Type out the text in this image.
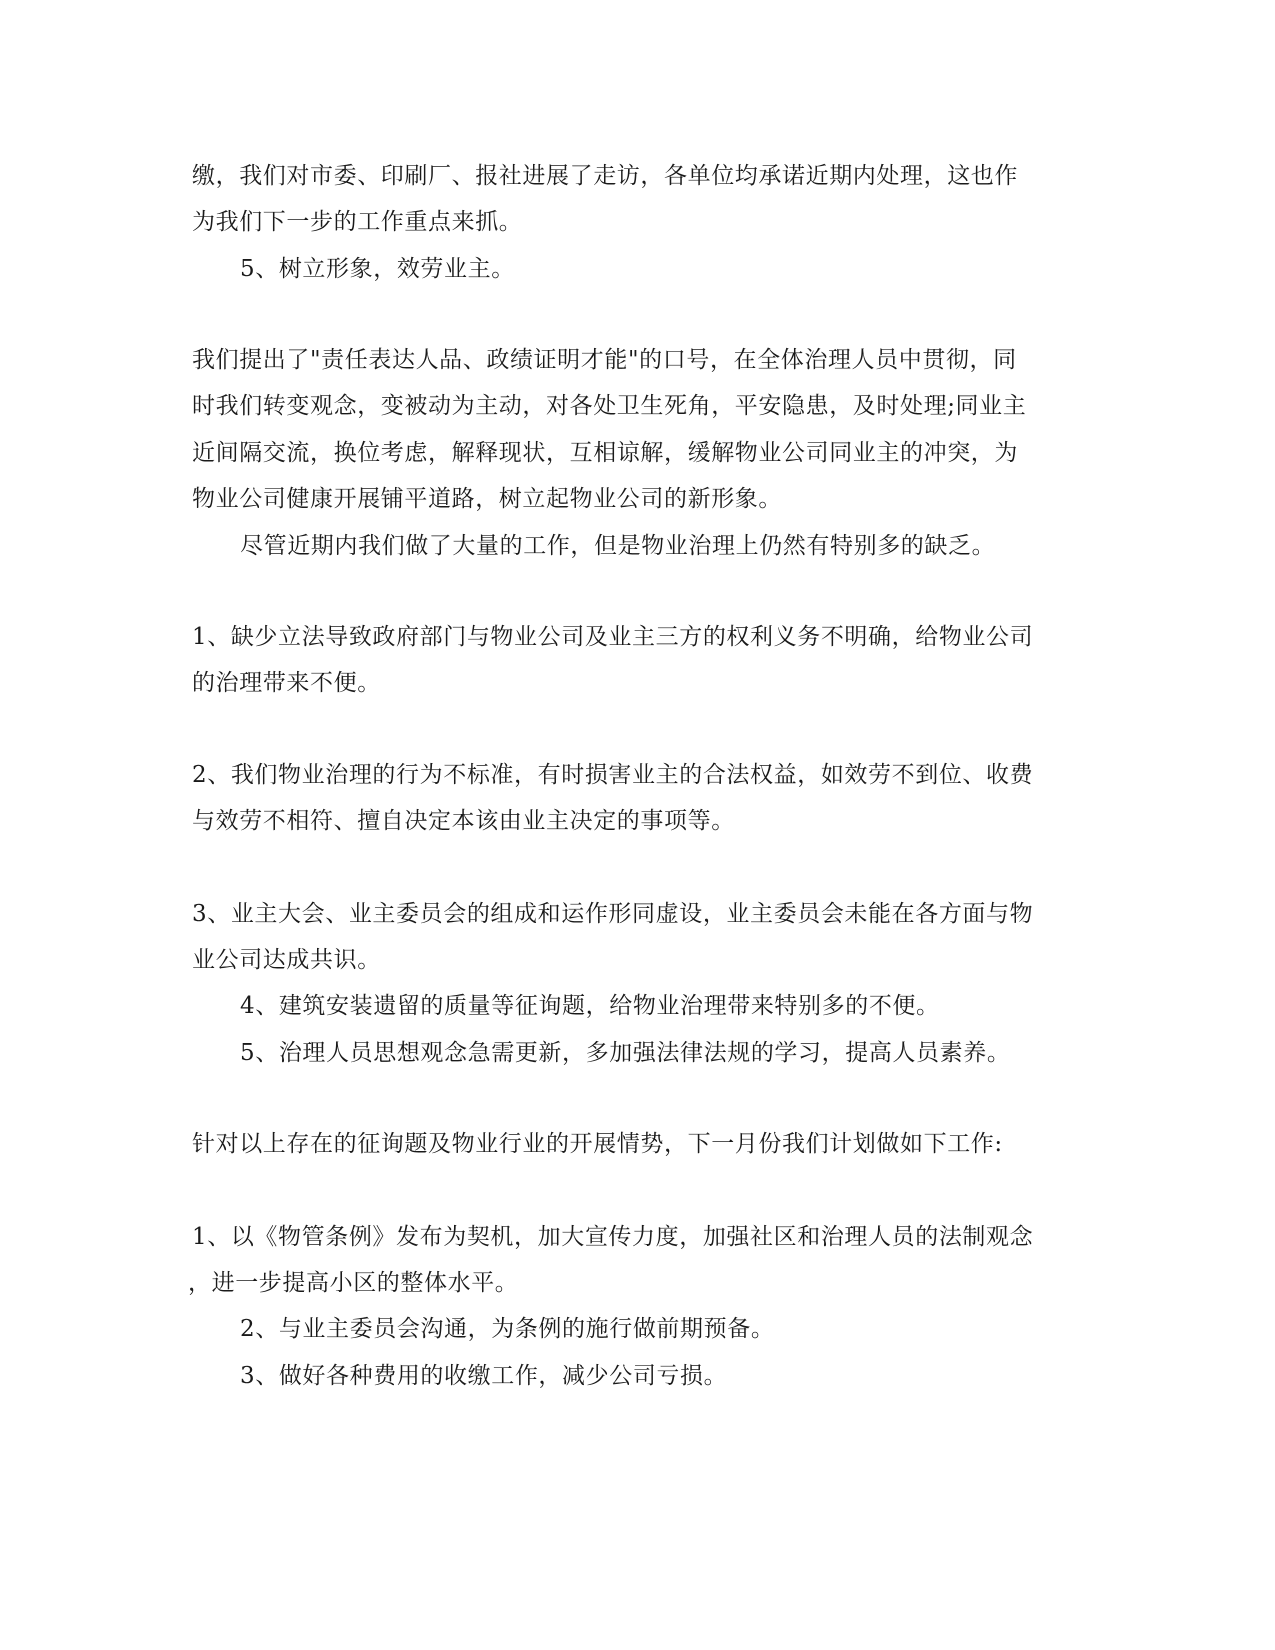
缴，我们对市委、印刷厂、报社进展了走访，各单位均承诺近期内处理，这也作
为我们下一步的工作重点来抓。
5、树立形象，效劳业主。
我们提出了"责任表达人品、政绩证明才能"的口号，在全体治理人员中贯彻，同
时我们转变观念，变被动为主动，对各处卫生死角，平安隐患，及时处理;同业主
近间隔交流，换位考虑，解释现状，互相谅解，缓解物业公司同业主的冲突，为
物业公司健康开展铺平道路，树立起物业公司的新形象。
尽管近期内我们做了大量的工作，但是物业治理上仍然有特别多的缺乏。
1、缺少立法导致政府部门与物业公司及业主三方的权利义务不明确，给物业公司
的治理带来不便。
2、我们物业治理的行为不标准，有时损害业主的合法权益，如效劳不到位、收费
与效劳不相符、擅自决定本该由业主决定的事项等。
3、业主大会、业主委员会的组成和运作形同虚设，业主委员会未能在各方面与物
业公司达成共识。
4、建筑安装遗留的质量等征询题，给物业治理带来特别多的不便。
5、治理人员思想观念急需更新，多加强法律法规的学习，提高人员素养。
针对以上存在的征询题及物业行业的开展情势，下一月份我们计划做如下工作:
1、以《物管条例》发布为契机，加大宣传力度，加强社区和治理人员的法制观念
，进一步提高小区的整体水平。
2、与业主委员会沟通，为条例的施行做前期预备。
3、做好各种费用的收缴工作，减少公司亏损。
